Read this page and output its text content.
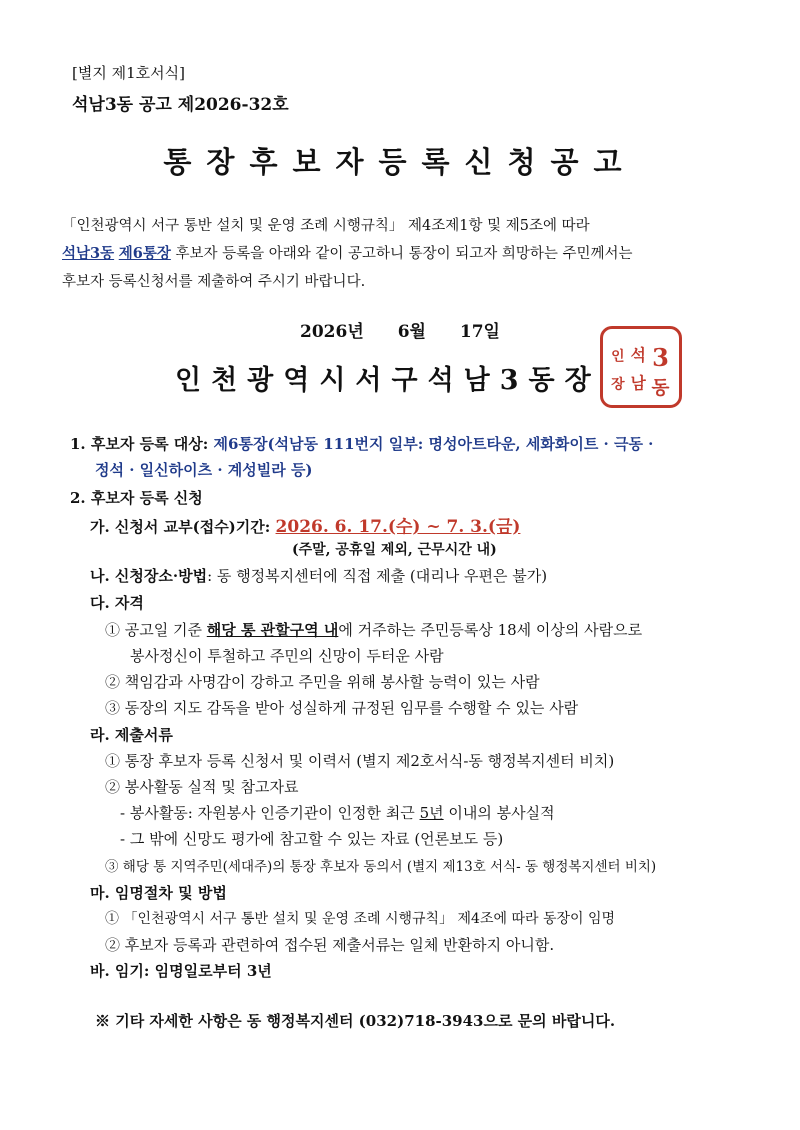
[별지 제1호서식]
석남3동 공고 제2026-32호
통장후보자등록신청공고
「인천광역시 서구 통반 설치 및 운영 조례 시행규칙」 제4조제1항 및 제5조에 따라
석남3동 제6통장 후보자 등록을 아래와 같이 공고하니 통장이 되고자 희망하는 주민께서는
후보자 등록신청서를 제출하여 주시기 바랍니다.
2026년 6월 17일
인천광역시서구석남3동장
3
동
석
남
인
장
1. 후보자 등록 대상: 제6통장(석남동 111번지 일부: 명성아트타운, 세화화이트 · 극동 ·
정석 · 일신하이츠 · 계성빌라 등)
2. 후보자 등록 신청
가. 신청서 교부(접수)기간: 2026. 6. 17.(수) ~ 7. 3.(금)
(주말, 공휴일 제외, 근무시간 내)
나. 신청장소·방법: 동 행정복지센터에 직접 제출 (대리나 우편은 불가)
다. 자격
① 공고일 기준 해당 통 관할구역 내에 거주하는 주민등록상 18세 이상의 사람으로
봉사정신이 투철하고 주민의 신망이 두터운 사람
② 책임감과 사명감이 강하고 주민을 위해 봉사할 능력이 있는 사람
③ 동장의 지도 감독을 받아 성실하게 규정된 임무를 수행할 수 있는 사람
라. 제출서류
① 통장 후보자 등록 신청서 및 이력서 (별지 제2호서식-동 행정복지센터 비치)
② 봉사활동 실적 및 참고자료
- 봉사활동: 자원봉사 인증기관이 인정한 최근 5년 이내의 봉사실적
- 그 밖에 신망도 평가에 참고할 수 있는 자료 (언론보도 등)
③ 해당 통 지역주민(세대주)의 통장 후보자 동의서 (별지 제13호 서식- 동 행정복지센터 비치)
마. 임명절차 및 방법
① 「인천광역시 서구 통반 설치 및 운영 조례 시행규칙」 제4조에 따라 동장이 임명
② 후보자 등록과 관련하여 접수된 제출서류는 일체 반환하지 아니함.
바. 임기: 임명일로부터 3년
※ 기타 자세한 사항은 동 행정복지센터 (032)718-3943으로 문의 바랍니다.
